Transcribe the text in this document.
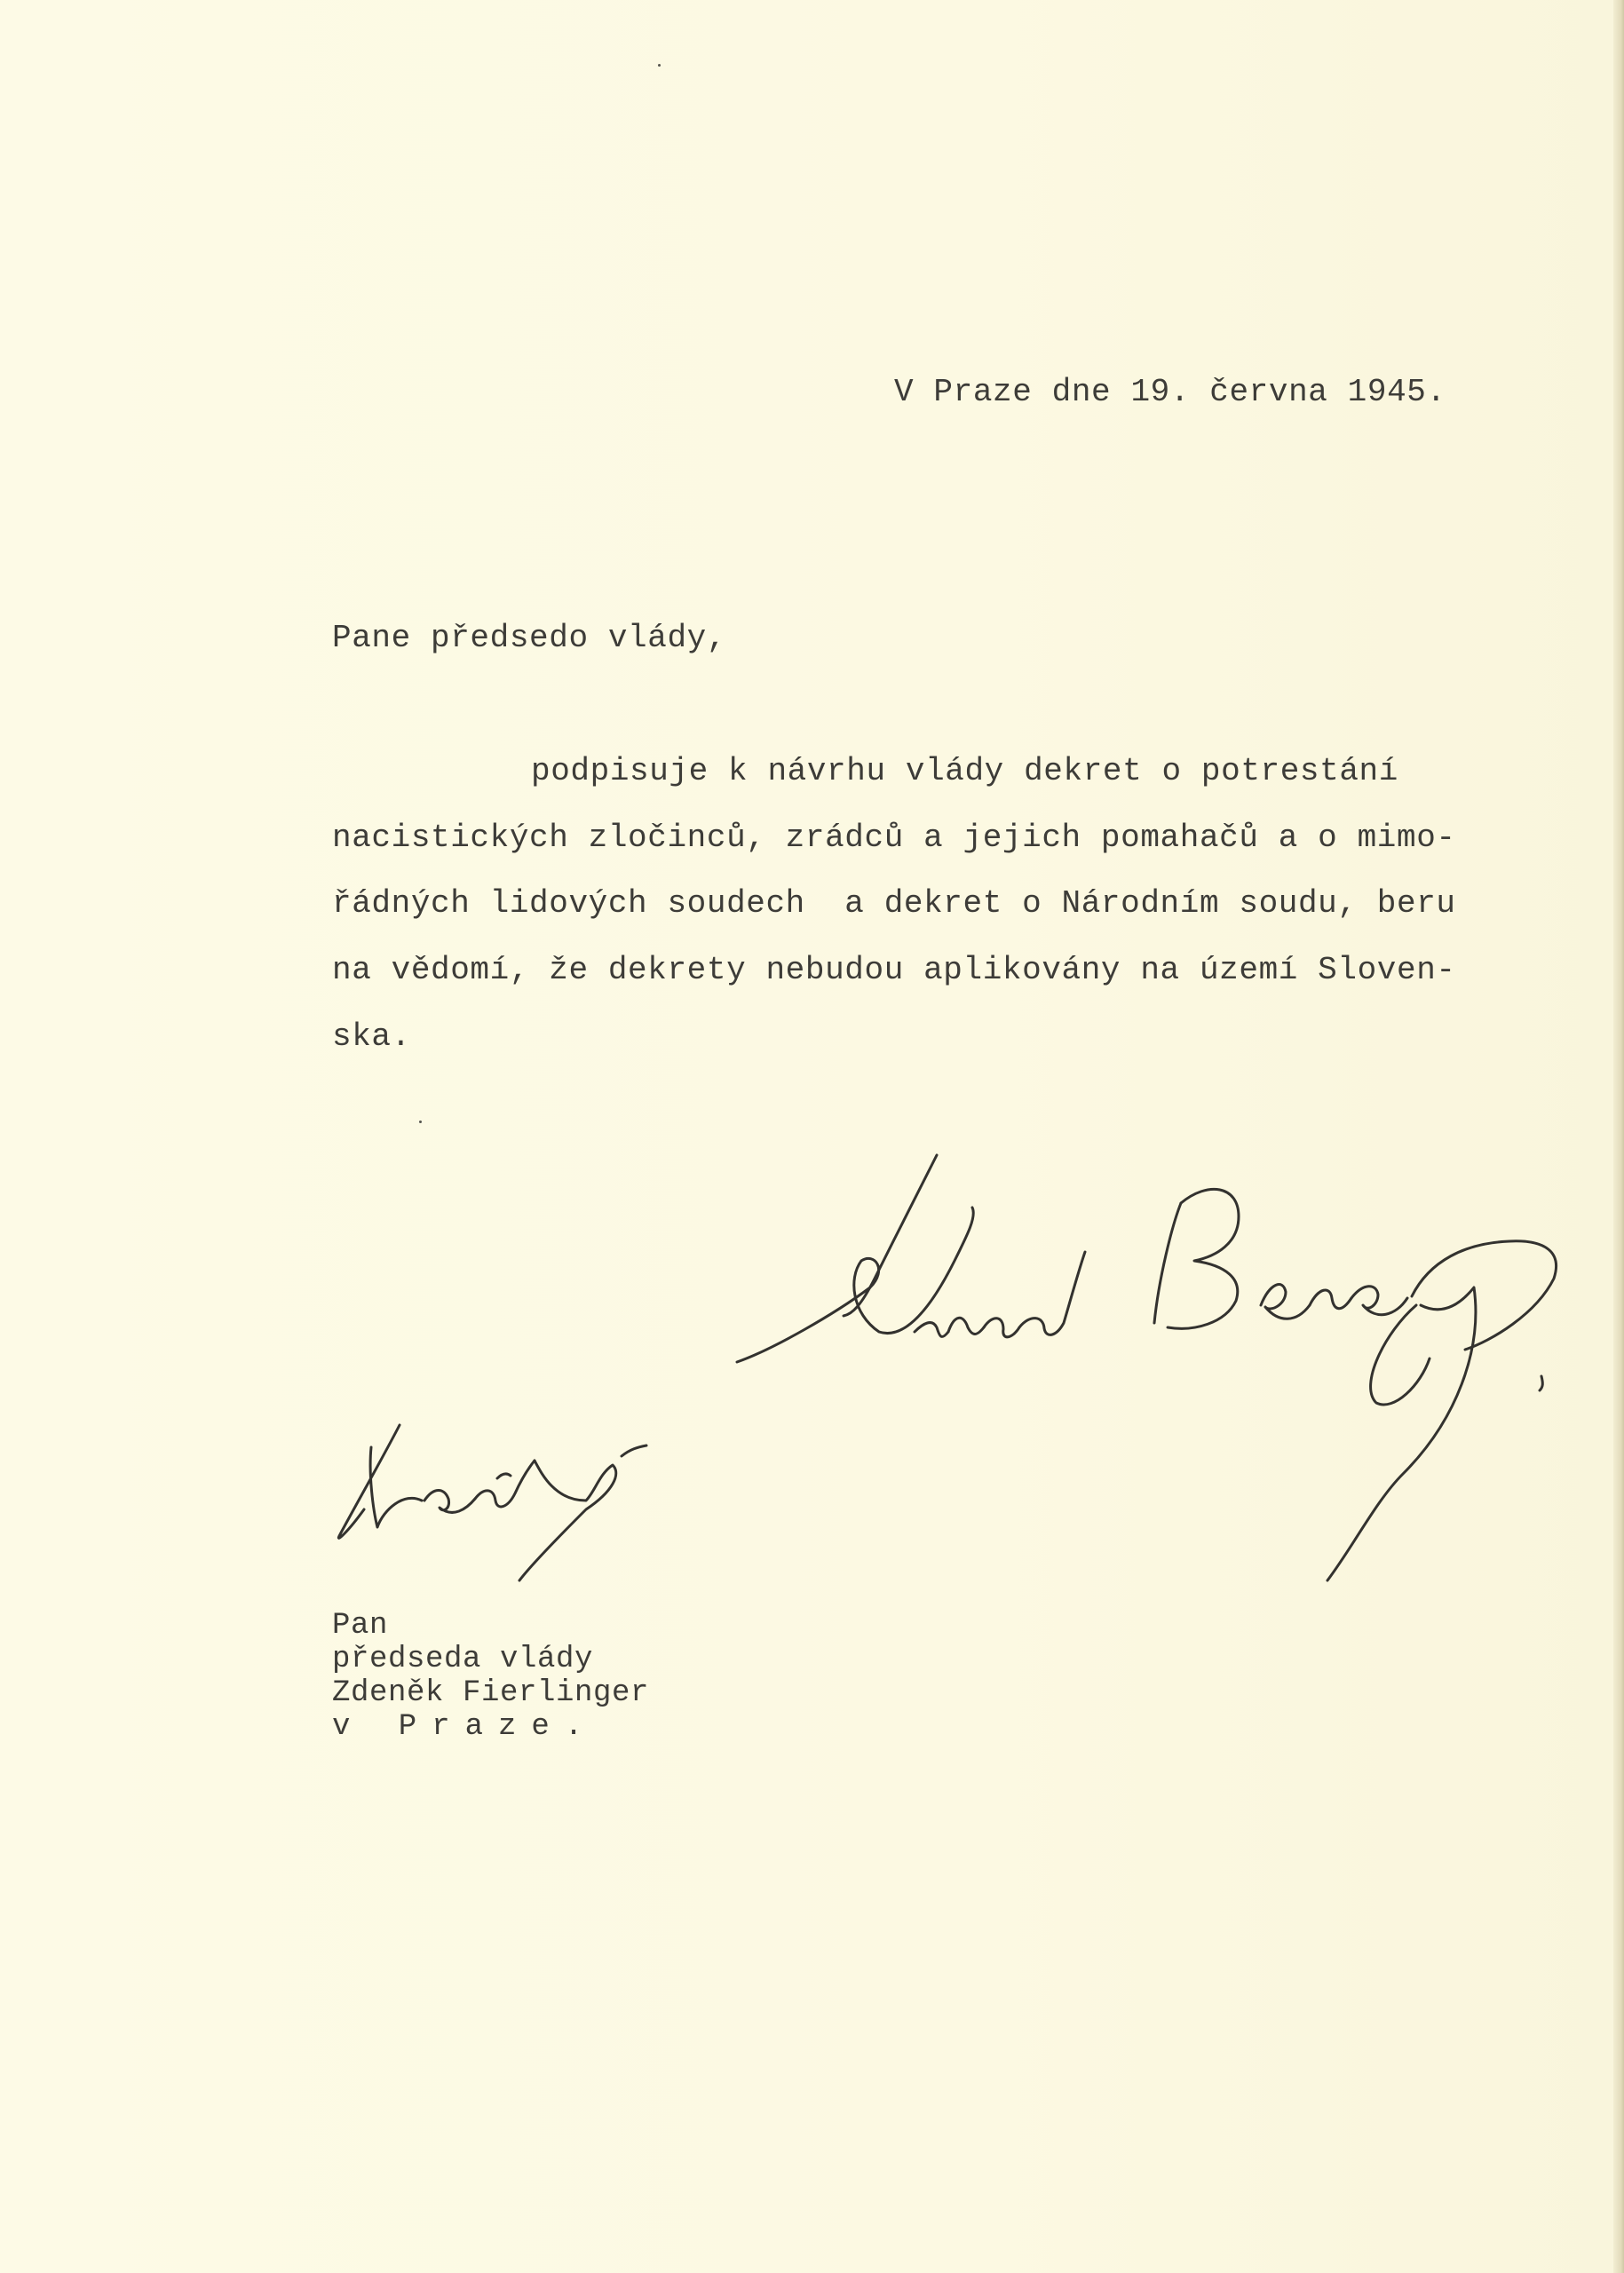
V Praze dne 19. června 1945.
Pane předsedo vlády,
podpisuje k návrhu vlády dekret o potrestání
nacistických zločinců, zrádců a jejich pomahačů a o mimo-
řádných lidových soudech  a dekret o Národním soudu, beru
na vědomí, že dekrety nebudou aplikovány na území Sloven-
ska.
Pan
předseda vlády
Zdeněk Fierlinger
v Praze.
